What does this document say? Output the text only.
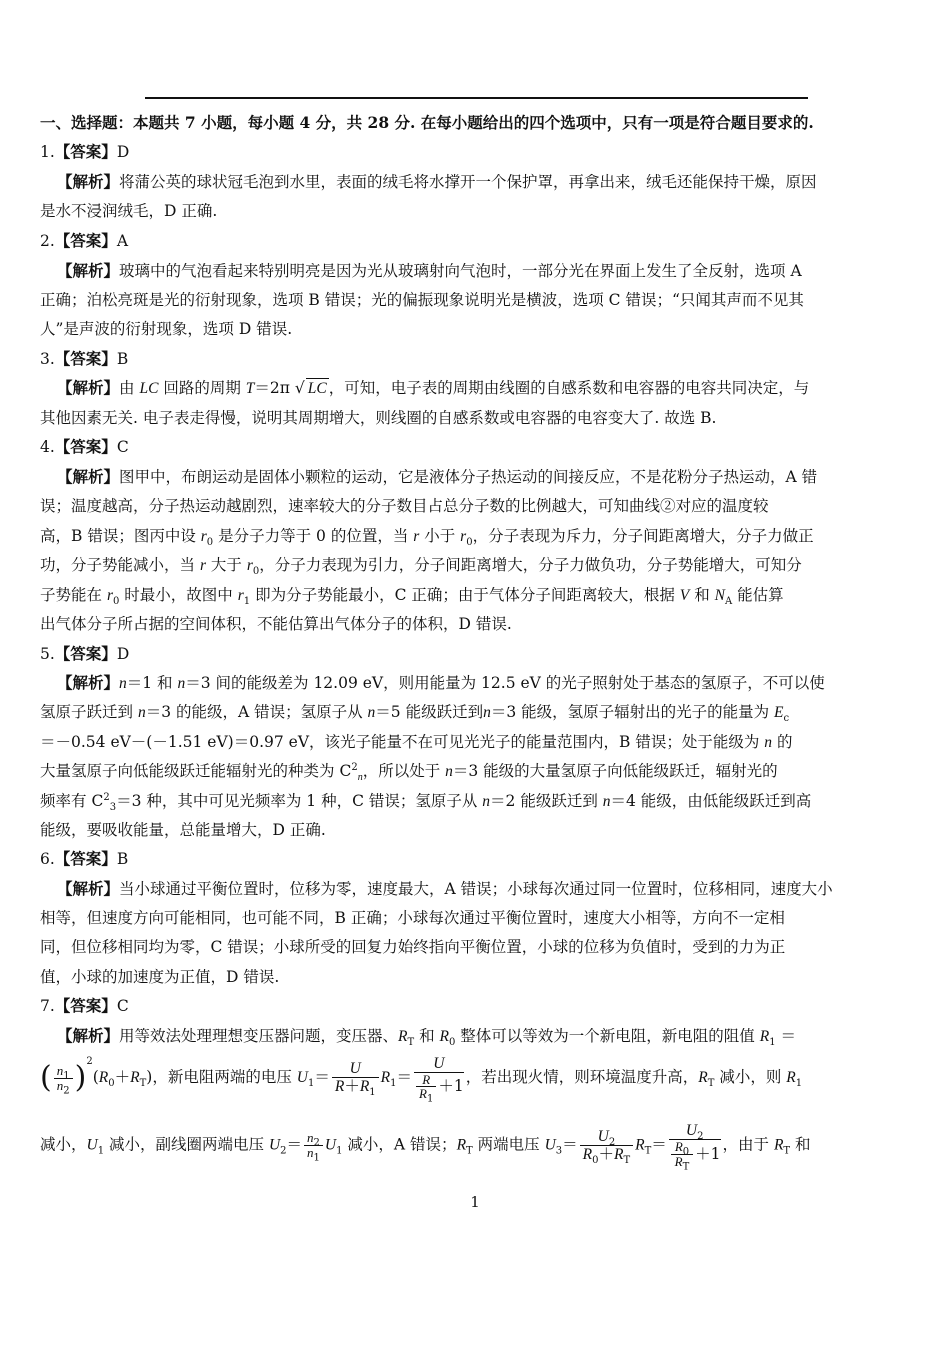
一、选择题：本题共 7 小题，每小题 4 分，共 28 分. 在每小题给出的四个选项中，只有一项是符合题目要求的.
1.【答案】D
【解析】将蒲公英的球状冠毛泡到水里，表面的绒毛将水撑开一个保护罩，再拿出来，绒毛还能保持干燥，原因
是水不浸润绒毛，D 正确.
2.【答案】A
【解析】玻璃中的气泡看起来特别明亮是因为光从玻璃射向气泡时，一部分光在界面上发生了全反射，选项 A
正确；泊松亮斑是光的衍射现象，选项 B 错误；光的偏振现象说明光是横波，选项 C 错误；“只闻其声而不见其
人”是声波的衍射现象，选项 D 错误.
3.【答案】B
【解析】由 LC 回路的周期 T＝2π √ LC ，可知，电子表的周期由线圈的自感系数和电容器的电容共同决定，与
其他因素无关. 电子表走得慢，说明其周期增大，则线圈的自感系数或电容器的电容变大了. 故选 B.
4.【答案】C
【解析】图甲中，布朗运动是固体小颗粒的运动，它是液体分子热运动的间接反应，不是花粉分子热运动，A 错
误；温度越高，分子热运动越剧烈，速率较大的分子数目占总分子数的比例越大，可知曲线②对应的温度较
高，B 错误；图丙中设 $r_0$ 是分子力等于 0 的位置，当 r 小于 $r_0$，分子表现为斥力，分子间距离增大，分子力做正
功，分子势能减小，当 r 大于 $r_0$，分子力表现为引力，分子间距离增大，分子力做负功，分子势能增大，可知分
子势能在 $r_0$ 时最小，故图中 $r_1$ 即为分子势能最小，C 正确；由于气体分子间距离较大，根据 V 和 $N_A$ 能估算
出气体分子所占据的空间体积，不能估算出气体分子的体积，D 错误.
5.【答案】D
【解析】n＝1 和 n＝3 间的能级差为 12.09 eV，则用能量为 12.5 eV 的光子照射处于基态的氢原子，不可以使
氢原子跃迁到 n＝3 的能级，A 错误；氢原子从 n＝5 能级跃迁到n＝3 能级，氢原子辐射出的光子的能量为 $E_c$
＝－0.54 eV－(－1.51 eV)＝0.97 eV，该光子能量不在可见光光子的能量范围内，B 错误；处于能级为 n 的
大量氢原子向低能级跃迁能辐射光的种类为 $C^2_n$，所以处于 n＝3 能级的大量氢原子向低能级跃迁，辐射光的
频率有 $C^2_3=3$ 种，其中可见光频率为 1 种，C 错误；氢原子从 n＝2 能级跃迁到 n＝4 能级，由低能级跃迁到高
能级，要吸收能量，总能量增大，D 正确.
6.【答案】B
【解析】当小球通过平衡位置时，位移为零，速度最大，A 错误；小球每次通过同一位置时，位移相同，速度大小
相等，但速度方向可能相同，也可能不同，B 正确；小球每次通过平衡位置时，速度大小相等，方向不一定相
同，但位移相同均为零，C 错误；小球所受的回复力始终指向平衡位置，小球的位移为负值时，受到的力为正
值，小球的加速度为正值，D 错误.
7.【答案】C
【解析】用等效法处理理想变压器问题，变压器、$R_T$ 和 $R_0$ 整体可以等效为一个新电阻，新电阻的阻值 $R_1$ ＝
( $\frac{n_1}{n_2} )^2(R_0+R_T)$，新电阻两端的电压 $U_1= \frac{U}{R+R_1} R_1= \frac{U}{\frac{R}{R_1} +1}$ ，若出现火情，则环境温度升高，$R_T$ 减小，则 $R_1$
减小，$U_1$ 减小，副线圈两端电压 $U_2= \frac{n_2}{n_1} U_1$ 减小，A 错误；$R_T$ 两端电压 $U_3= \frac{U_2}{R_0+R_T} R_T= \frac{U_2}{\frac{R_0}{R_T} +1}$ ，由于 $R_T$ 和
1
